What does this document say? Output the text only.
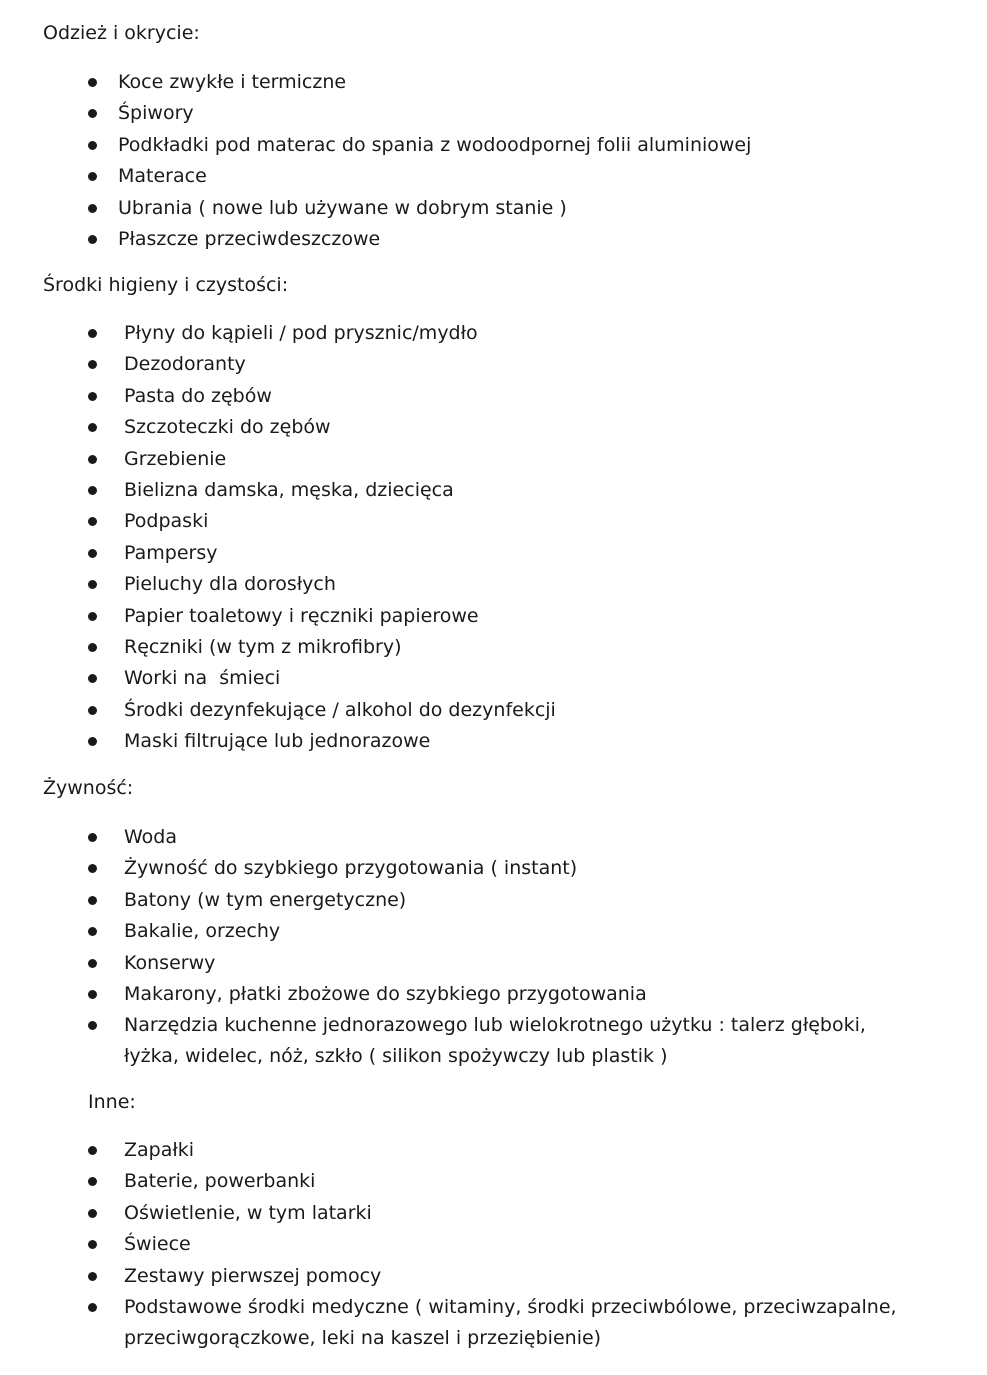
Odzież i okrycie:
Koce zwykłe i termiczne
Śpiwory
Podkładki pod materac do spania z wodoodpornej folii aluminiowej
Materace
Ubrania ( nowe lub używane w dobrym stanie )
Płaszcze przeciwdeszczowe
Środki higieny i czystości:
Płyny do kąpieli / pod prysznic/mydło
Dezodoranty
Pasta do zębów
Szczoteczki do zębów
Grzebienie
Bielizna damska, męska, dziecięca
Podpaski
Pampersy
Pieluchy dla dorosłych
Papier toaletowy i ręczniki papierowe
Ręczniki (w tym z mikrofibry)
Worki na  śmieci
Środki dezynfekujące / alkohol do dezynfekcji
Maski filtrujące lub jednorazowe
Żywność:
Woda
Żywność do szybkiego przygotowania ( instant)
Batony (w tym energetyczne)
Bakalie, orzechy
Konserwy
Makarony, płatki zbożowe do szybkiego przygotowania
Narzędzia kuchenne jednorazowego lub wielokrotnego użytku : talerz głęboki, łyżka, widelec, nóż, szkło ( silikon spożywczy lub plastik )
Inne:
Zapałki
Baterie, powerbanki
Oświetlenie, w tym latarki
Świece
Zestawy pierwszej pomocy
Podstawowe środki medyczne ( witaminy, środki przeciwbólowe, przeciwzapalne, przeciwgorączkowe, leki na kaszel i przeziębienie)
